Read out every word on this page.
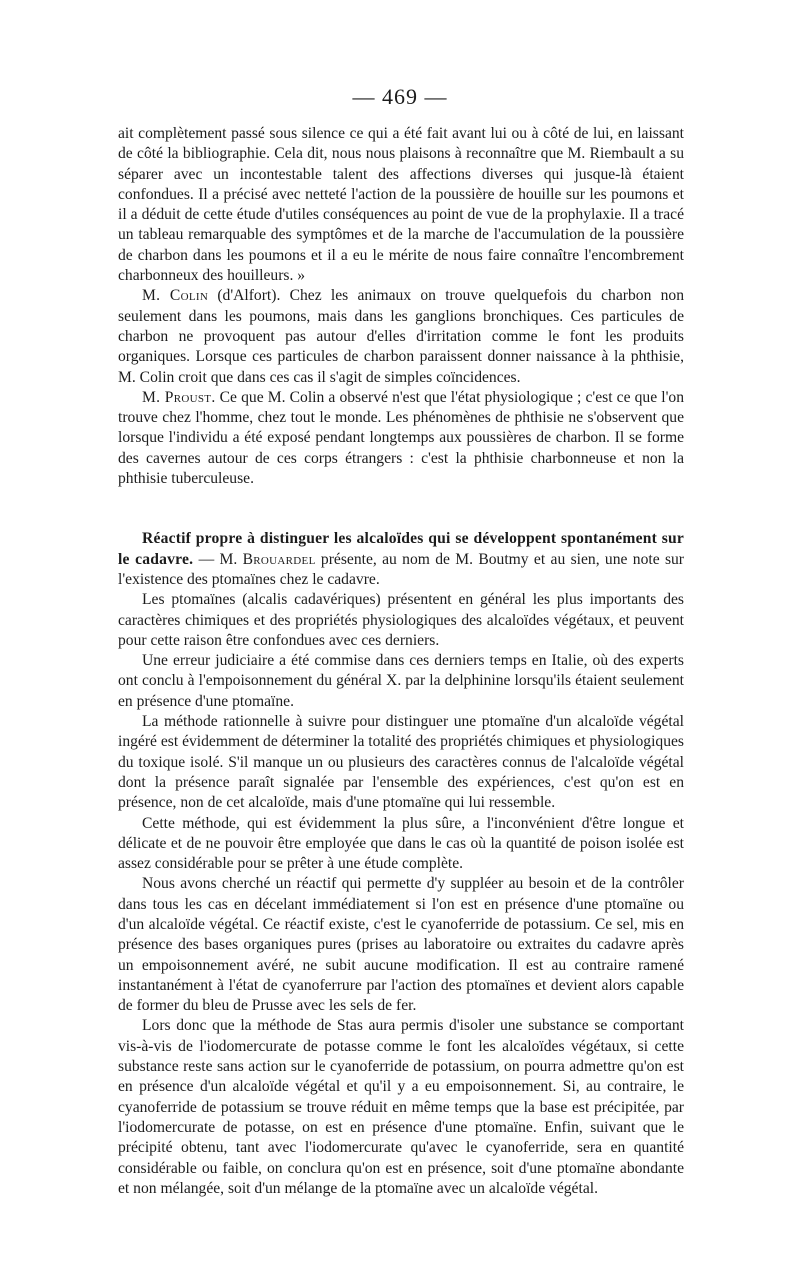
— 469 —

ait complètement passé sous silence ce qui a été fait avant lui ou à côté de lui, en laissant de côté la bibliographie. Cela dit, nous nous plaisons à reconnaître que M. Riembault a su séparer avec un incontestable talent des affections diverses qui jusque-là étaient confondues. Il a précisé avec netteté l'action de la poussière de houille sur les poumons et il a déduit de cette étude d'utiles conséquences au point de vue de la prophylaxie. Il a tracé un tableau remarquable des symptômes et de la marche de l'accumulation de la poussière de charbon dans les poumons et il a eu le mérite de nous faire connaître l'encombrement charbonneux des houilleurs. »

M. Colin (d'Alfort). Chez les animaux on trouve quelquefois du charbon non seulement dans les poumons, mais dans les ganglions bronchiques. Ces particules de charbon ne provoquent pas autour d'elles d'irritation comme le font les produits organiques. Lorsque ces particules de charbon paraissent donner naissance à la phthisie, M. Colin croit que dans ces cas il s'agit de simples coïncidences.

M. Proust. Ce que M. Colin a observé n'est que l'état physiologique ; c'est ce que l'on trouve chez l'homme, chez tout le monde. Les phénomènes de phthisie ne s'observent que lorsque l'individu a été exposé pendant longtemps aux poussières de charbon. Il se forme des cavernes autour de ces corps étrangers : c'est la phthisie charbonneuse et non la phthisie tuberculeuse.

Réactif propre à distinguer les alcaloïdes qui se développent spontanément sur le cadavre. — M. Brouardel présente, au nom de M. Boutmy et au sien, une note sur l'existence des ptomaïnes chez le cadavre.

Les ptomaïnes (alcalis cadavériques) présentent en général les plus importants des caractères chimiques et des propriétés physiologiques des alcaloïdes végétaux, et peuvent pour cette raison être confondues avec ces derniers.

Une erreur judiciaire a été commise dans ces derniers temps en Italie, où des experts ont conclu à l'empoisonnement du général X. par la delphinine lorsqu'ils étaient seulement en présence d'une ptomaïne.

La méthode rationnelle à suivre pour distinguer une ptomaïne d'un alcaloïde végétal ingéré est évidemment de déterminer la totalité des propriétés chimiques et physiologiques du toxique isolé. S'il manque un ou plusieurs des caractères connus de l'alcaloïde végétal dont la présence paraît signalée par l'ensemble des expériences, c'est qu'on est en présence, non de cet alcaloïde, mais d'une ptomaïne qui lui ressemble.

Cette méthode, qui est évidemment la plus sûre, a l'inconvénient d'être longue et délicate et de ne pouvoir être employée que dans le cas où la quantité de poison isolée est assez considérable pour se prêter à une étude complète.

Nous avons cherché un réactif qui permette d'y suppléer au besoin et de la contrôler dans tous les cas en décelant immédiatement si l'on est en présence d'une ptomaïne ou d'un alcaloïde végétal. Ce réactif existe, c'est le cyanoferride de potassium. Ce sel, mis en présence des bases organiques pures (prises au laboratoire ou extraites du cadavre après un empoisonnement avéré, ne subit aucune modification. Il est au contraire ramené instantanément à l'état de cyanoferrure par l'action des ptomaïnes et devient alors capable de former du bleu de Prusse avec les sels de fer.

Lors donc que la méthode de Stas aura permis d'isoler une substance se comportant vis-à-vis de l'iodomercurate de potasse comme le font les alcaloïdes végétaux, si cette substance reste sans action sur le cyanoferride de potassium, on pourra admettre qu'on est en présence d'un alcaloïde végétal et qu'il y a eu empoisonnement. Si, au contraire, le cyanoferride de potassium se trouve réduit en même temps que la base est précipitée, par l'iodomercurate de potasse, on est en présence d'une ptomaïne. Enfin, suivant que le précipité obtenu, tant avec l'iodomercurate qu'avec le cyanoferride, sera en quantité considérable ou faible, on conclura qu'on est en présence, soit d'une ptomaïne abondante et non mélangée, soit d'un mélange de la ptomaïne avec un alcaloïde végétal.
